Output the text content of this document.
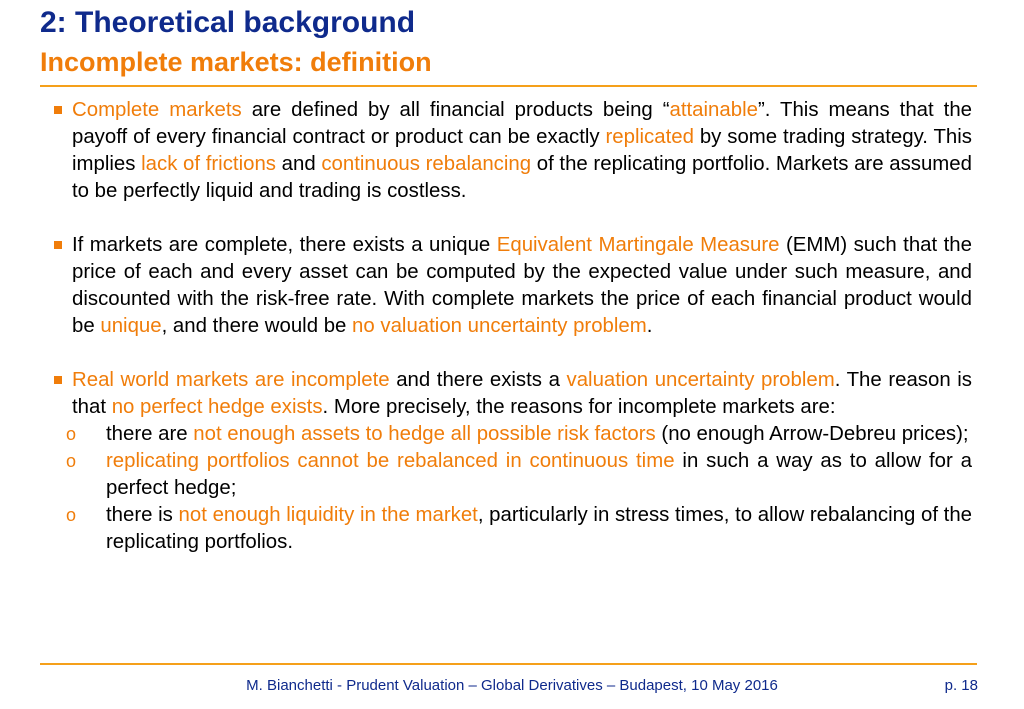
2: Theoretical background
Incomplete markets: definition
Complete markets are defined by all financial products being “attainable”. This means that the payoff of every financial contract or product can be exactly replicated by some trading strategy. This implies lack of frictions and continuous rebalancing of the replicating portfolio. Markets are assumed to be perfectly liquid and trading is costless.
If markets are complete, there exists a unique Equivalent Martingale Measure (EMM) such that the price of each and every asset can be computed by the expected value under such measure, and discounted with the risk-free rate. With complete markets the price of each financial product would be unique, and there would be no valuation uncertainty problem.
Real world markets are incomplete and there exists a valuation uncertainty problem. The reason is that no perfect hedge exists. More precisely, the reasons for incomplete markets are:
o there are not enough assets to hedge all possible risk factors (no enough Arrow-Debreu prices);
o replicating portfolios cannot be rebalanced in continuous time in such a way as to allow for a perfect hedge;
o there is not enough liquidity in the market, particularly in stress times, to allow rebalancing of the replicating portfolios.
M. Bianchetti - Prudent Valuation – Global Derivatives – Budapest, 10 May 2016	p. 18
